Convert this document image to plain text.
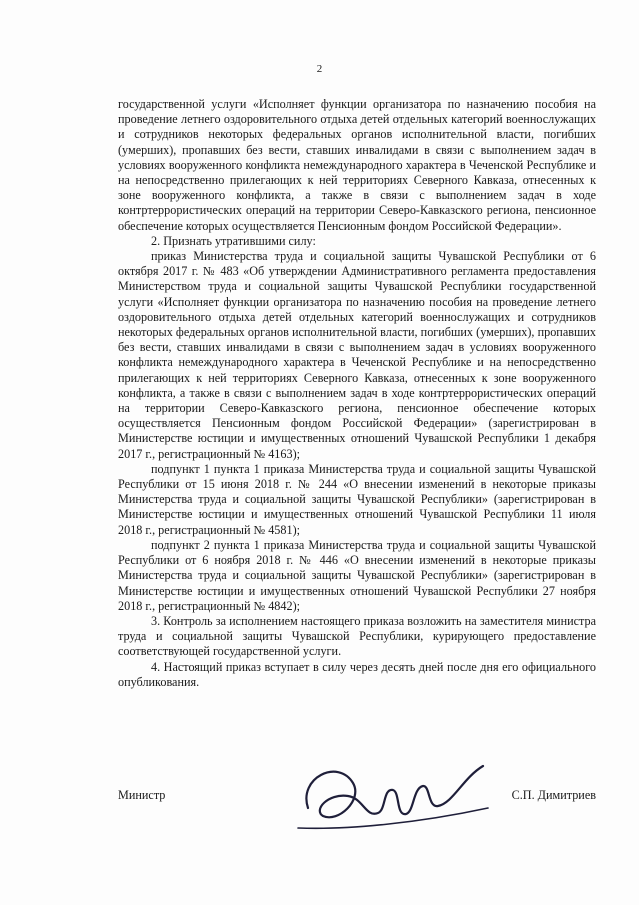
2

государственной услуги «Исполняет функции организатора по назначению пособия на проведение летнего оздоровительного отдыха детей отдельных категорий военнослужащих и сотрудников некоторых федеральных органов исполнительной власти, погибших (умерших), пропавших без вести, ставших инвалидами в связи с выполнением задач в условиях вооруженного конфликта немеждународного характера в Чеченской Республике и на непосредственно прилегающих к ней территориях Северного Кавказа, отнесенных к зоне вооруженного конфликта, а также в связи с выполнением задач в ходе контртеррористических операций на территории Северо-Кавказского региона, пенсионное обеспечение которых осуществляется Пенсионным фондом Российской Федерации».

2. Признать утратившими силу:

приказ Министерства труда и социальной защиты Чувашской Республики от 6 октября 2017 г. № 483 «Об утверждении Административного регламента предоставления Министерством труда и социальной защиты Чувашской Республики государственной услуги «Исполняет функции организатора по назначению пособия на проведение летнего оздоровительного отдыха детей отдельных категорий военнослужащих и сотрудников некоторых федеральных органов исполнительной власти, погибших (умерших), пропавших без вести, ставших инвалидами в связи с выполнением задач в условиях вооруженного конфликта немеждународного характера в Чеченской Республике и на непосредственно прилегающих к ней территориях Северного Кавказа, отнесенных к зоне вооруженного конфликта, а также в связи с выполнением задач в ходе контртеррористических операций на территории Северо-Кавказского региона, пенсионное обеспечение которых осуществляется Пенсионным фондом Российской Федерации» (зарегистрирован в Министерстве юстиции и имущественных отношений Чувашской Республики 1 декабря 2017 г., регистрационный № 4163);

подпункт 1 пункта 1 приказа Министерства труда и социальной защиты Чувашской Республики от 15 июня 2018 г. № 244 «О внесении изменений в некоторые приказы Министерства труда и социальной защиты Чувашской Республики» (зарегистрирован в Министерстве юстиции и имущественных отношений Чувашской Республики 11 июля 2018 г., регистрационный № 4581);

подпункт 2 пункта 1 приказа Министерства труда и социальной защиты Чувашской Республики от 6 ноября 2018 г. № 446 «О внесении изменений в некоторые приказы Министерства труда и социальной защиты Чувашской Республики» (зарегистрирован в Министерстве юстиции и имущественных отношений Чувашской Республики 27 ноября 2018 г., регистрационный № 4842);

3. Контроль за исполнением настоящего приказа возложить на заместителя министра труда и социальной защиты Чувашской Республики, курирующего предоставление соответствующей государственной услуги.

4. Настоящий приказ вступает в силу через десять дней после дня его официального опубликования.

Министр	С.П. Димитриев
